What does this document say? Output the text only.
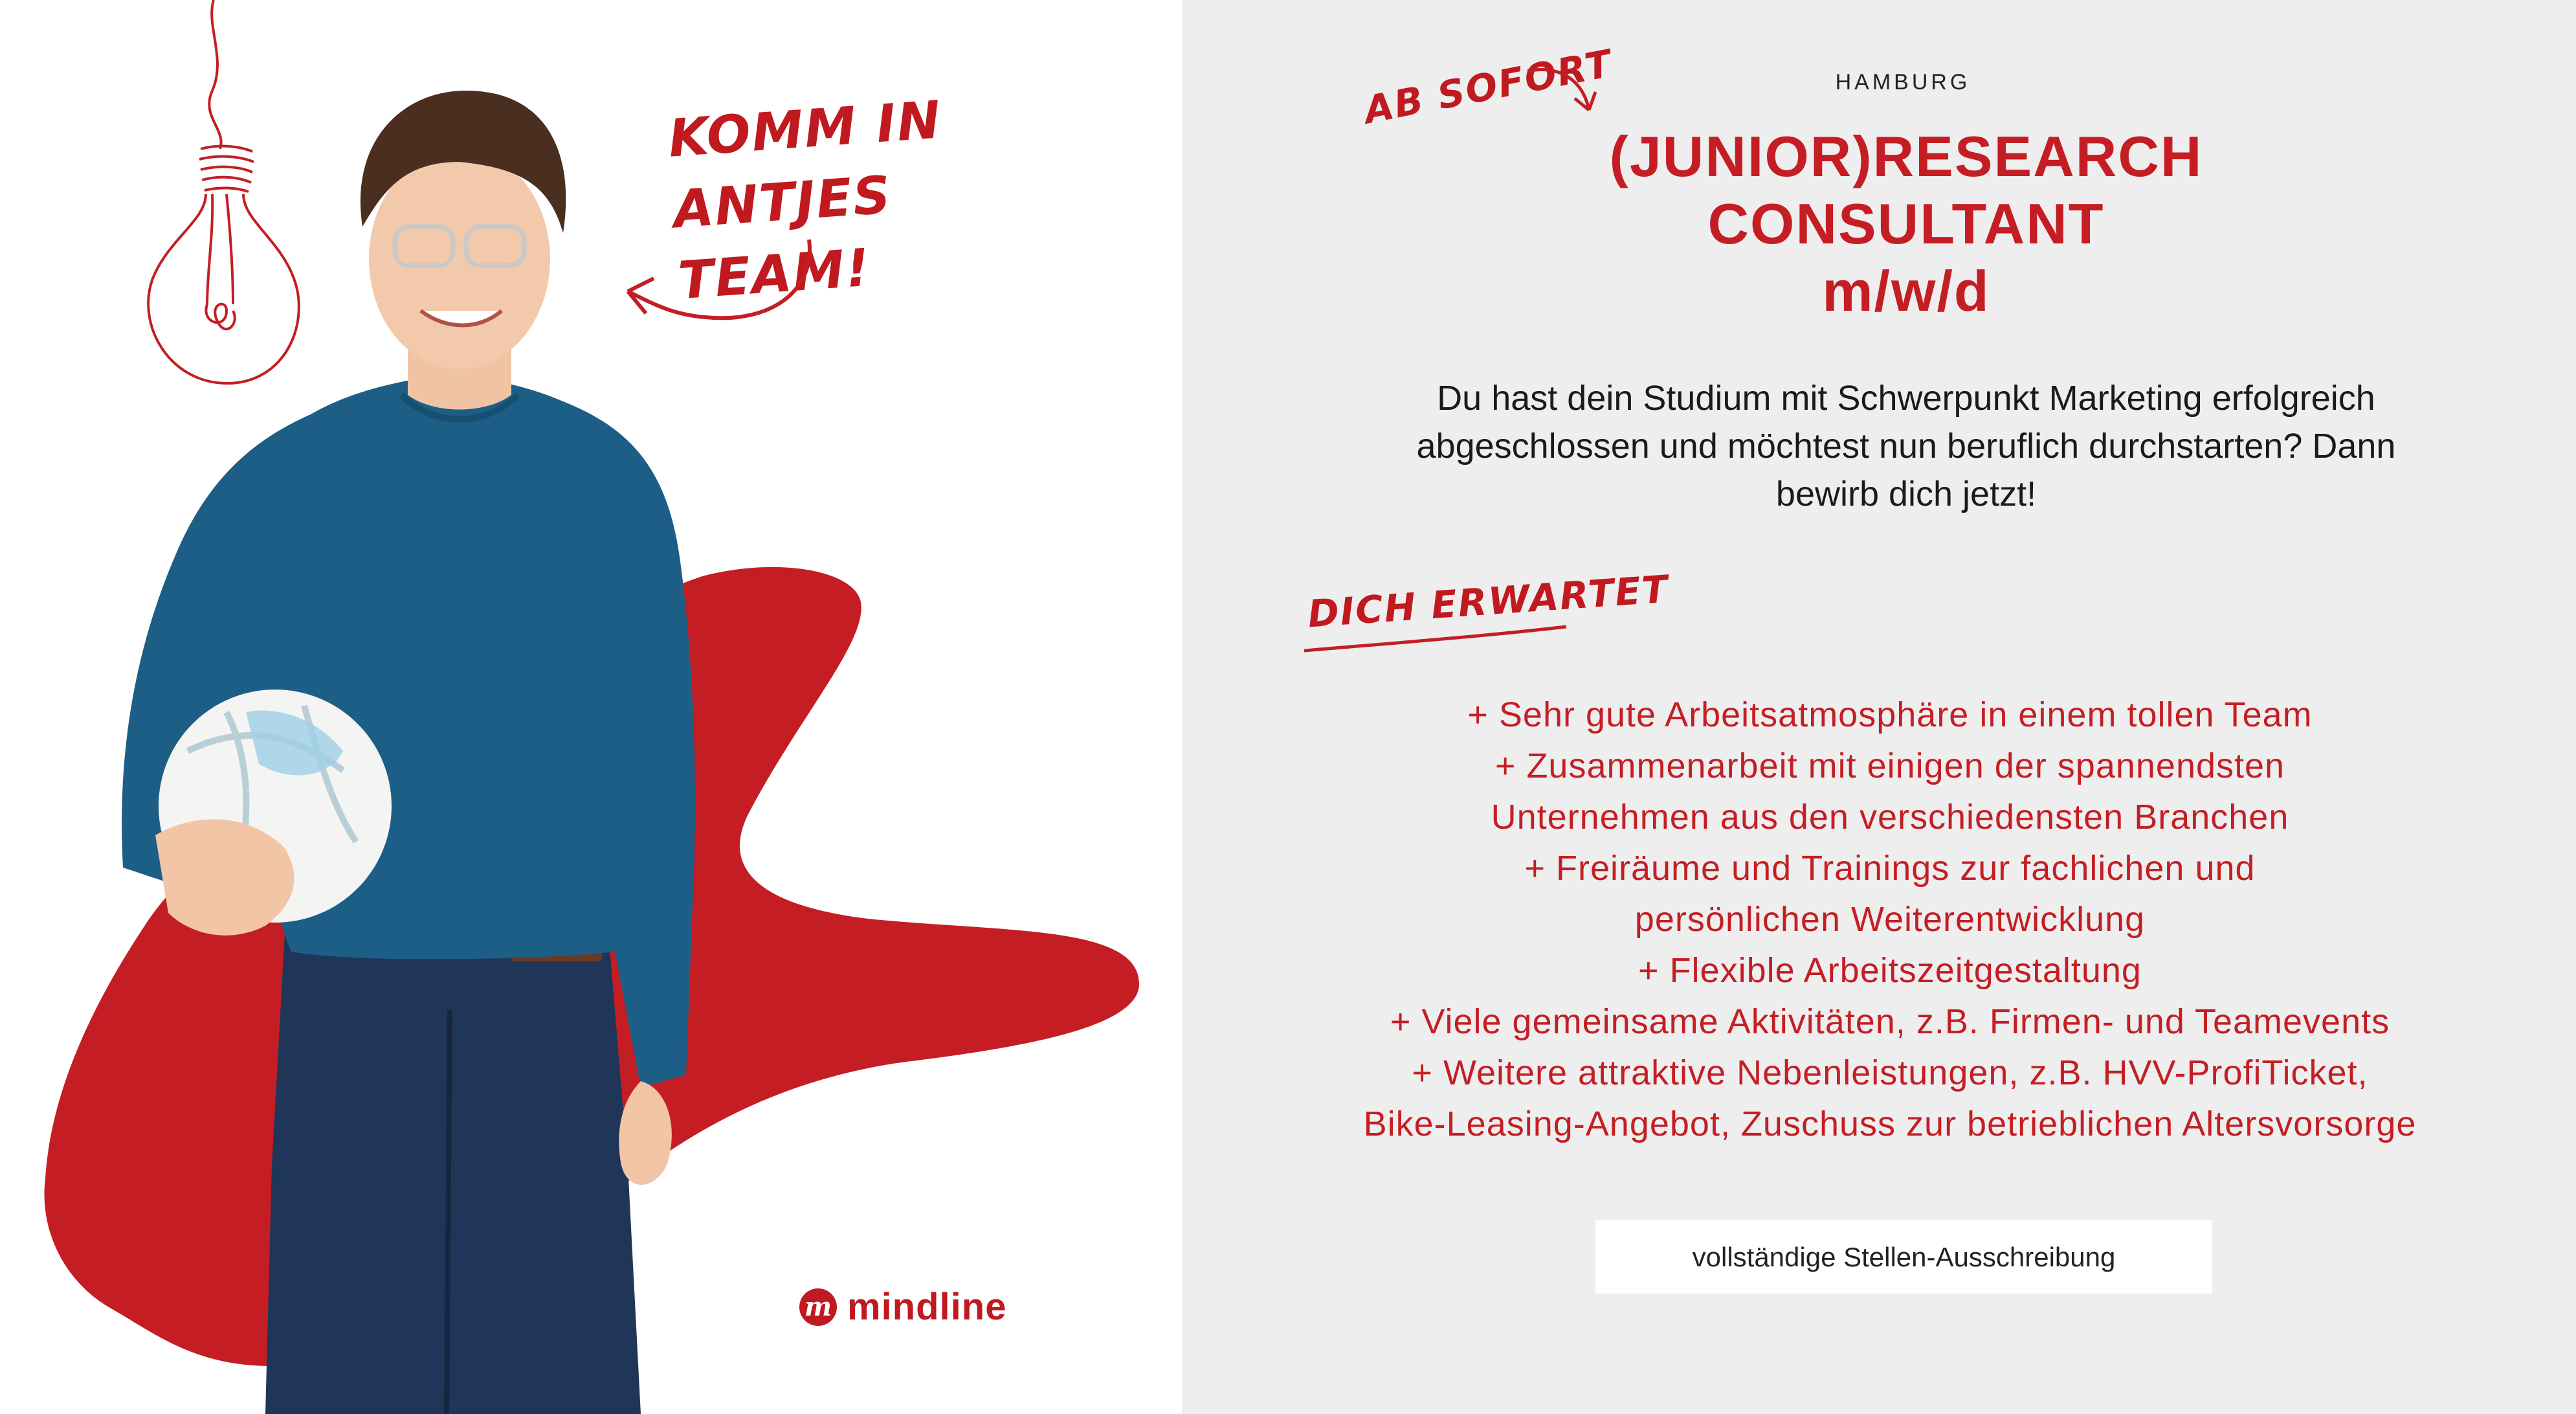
KOMM IN
ANTJES TEAM!
m mindline
AB SOFORT	HAMBURG
(JUNIOR)RESEARCH
CONSULTANT
m/w/d
Du hast dein Studium mit Schwerpunkt Marketing erfolgreich
abgeschlossen und möchtest nun beruflich durchstarten? Dann
bewirb dich jetzt!
DICH ERWARTET
+ Sehr gute Arbeitsatmosphäre in einem tollen Team
+ Zusammenarbeit mit einigen der spannendsten
Unternehmen aus den verschiedensten Branchen
+ Freiräume und Trainings zur fachlichen und
persönlichen Weiterentwicklung
+ Flexible Arbeitszeitgestaltung
+ Viele gemeinsame Aktivitäten, z.B. Firmen- und Teamevents
+ Weitere attraktive Nebenleistungen, z.B. HVV-ProfiTicket,
Bike-Leasing-Angebot, Zuschuss zur betrieblichen Altersvorsorge
vollständige Stellen-Ausschreibung
